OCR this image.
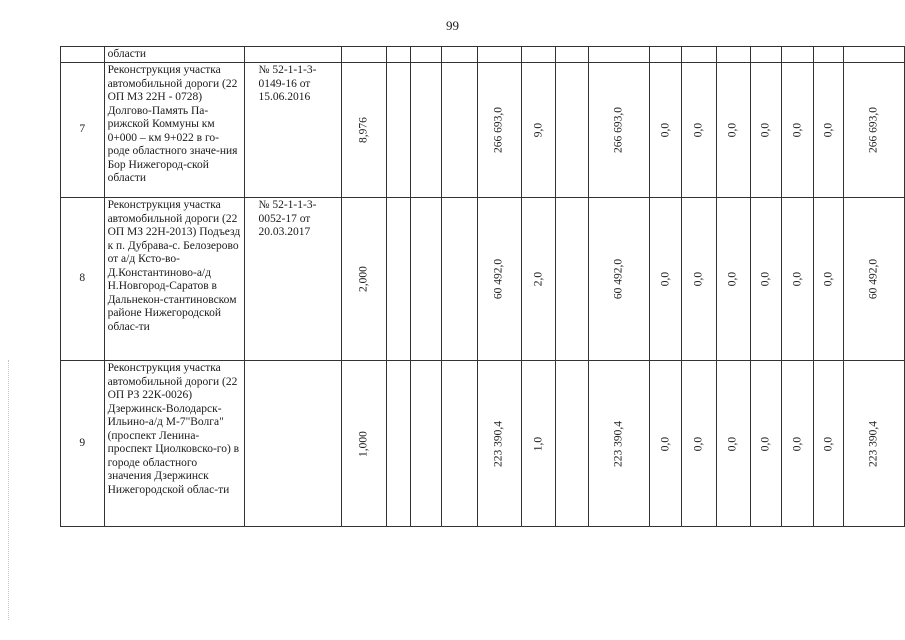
99
	области																
7	Реконструкция участка автомобильной дороги (22 ОП МЗ 22Н - 0728) Долгово-Память Па-рижской Коммуны км 0+000 – км 9+022 в го-роде областного значе-ния Бор Нижегород-ской области	№ 52-1-1-3-0149-16 от 15.06.2016	8,976				266 693,0	9,0		266 693,0	0,0	0,0	0,0	0,0	0,0	0,0	266 693,0

8	Реконструкция участка автомобильной дороги (22 ОП МЗ 22Н-2013) Подъезд к п. Дубрава-с. Белозерово от а/д Ксто-во-Д.Константиново-а/д Н.Новгород-Саратов в Дальнекон-стантиновском районе Нижегородской облас-ти	№ 52-1-1-3-0052-17 от 20.03.2017	2,000				60 492,0	2,0		60 492,0	0,0	0,0	0,0	0,0	0,0	0,0	60 492,0

9	Реконструкция участка автомобильной дороги (22 ОП РЗ 22К-0026) Дзержинск-Володарск-Ильино-а/д М-7"Волга" (проспект Ленина-проспект Циолковско-го) в городе областного значения Дзержинск Нижегородской облас-ти		1,000				223 390,4	1,0		223 390,4	0,0	0,0	0,0	0,0	0,0	0,0	223 390,4
